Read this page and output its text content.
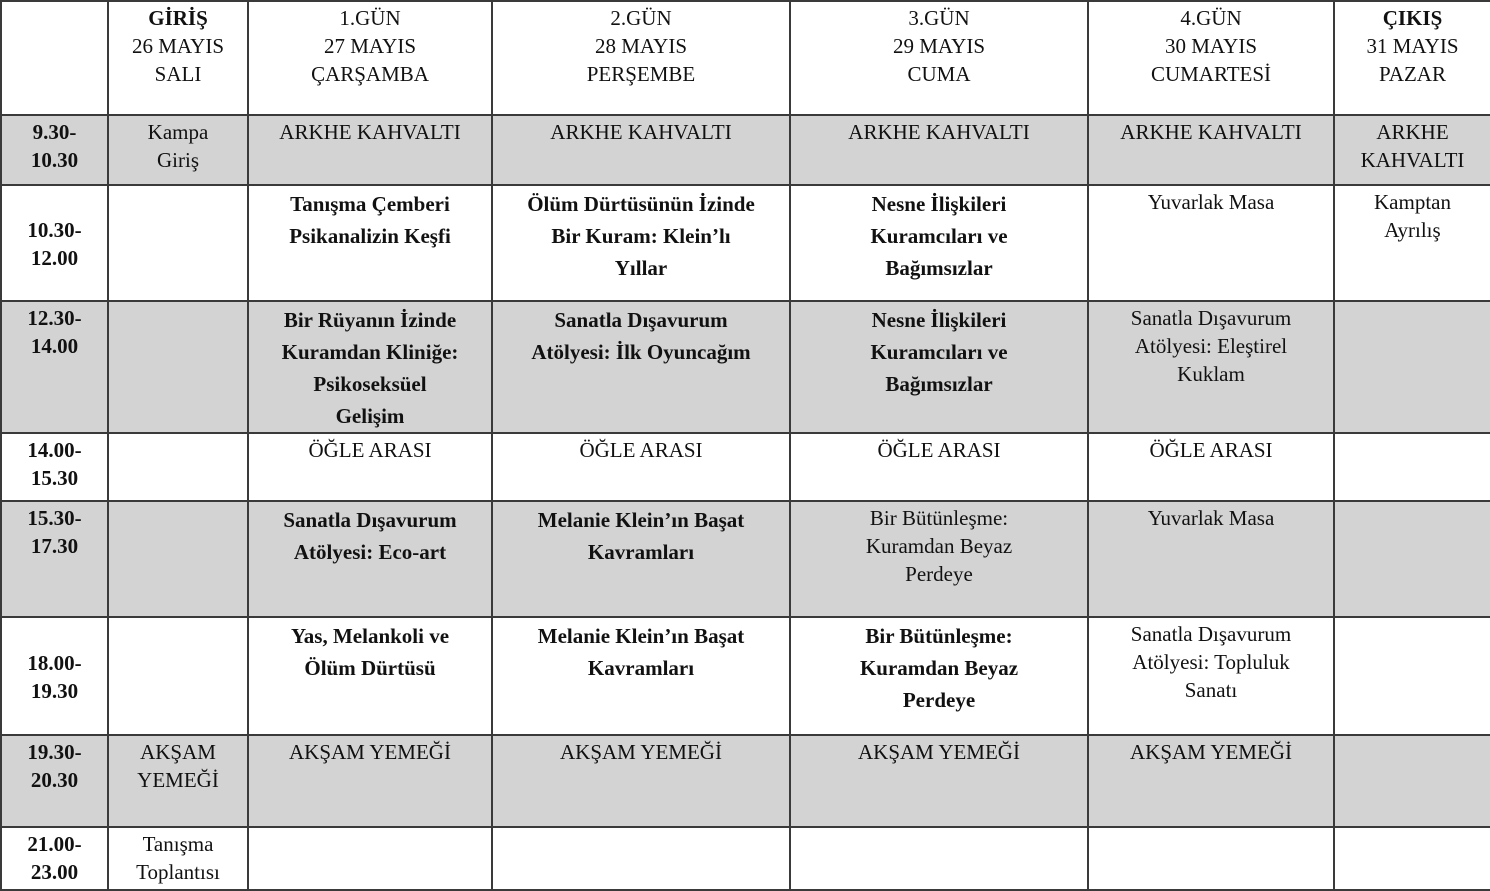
	GİRİŞ
26 MAYIS
SALI	1.GÜN
27 MAYIS
ÇARŞAMBA	2.GÜN
28 MAYIS
PERŞEMBE	3.GÜN
29 MAYIS
CUMA	4.GÜN
30 MAYIS
CUMARTESİ	ÇIKIŞ
31 MAYIS
PAZAR

9.30-
10.30	Kampa
Giriş	ARKHE KAHVALTI	ARKHE KAHVALTI	ARKHE KAHVALTI	ARKHE KAHVALTI	ARKHE
KAHVALTI

10.30-
12.00		Tanışma Çemberi
Psikanalizin Keşfi	Ölüm Dürtüsünün İzinde
Bir Kuram: Klein’lı
Yıllar	Nesne İlişkileri
Kuramcıları ve
Bağımsızlar	Yuvarlak Masa	Kamptan
Ayrılış

12.30-
14.00		Bir Rüyanın İzinde
Kuramdan Kliniğe:
Psikoseksüel
Gelişim	Sanatla Dışavurum
Atölyesi: İlk Oyuncağım	Nesne İlişkileri
Kuramcıları ve
Bağımsızlar	Sanatla Dışavurum
Atölyesi: Eleştirel
Kuklam	

14.00-
15.30		ÖĞLE ARASI	ÖĞLE ARASI	ÖĞLE ARASI	ÖĞLE ARASI	

15.30-
17.30		Sanatla Dışavurum
Atölyesi: Eco-art	Melanie Klein’ın Başat
Kavramları	Bir Bütünleşme:
Kuramdan Beyaz
Perdeye	Yuvarlak Masa	

18.00-
19.30		Yas, Melankoli ve
Ölüm Dürtüsü	Melanie Klein’ın Başat
Kavramları	Bir Bütünleşme:
Kuramdan Beyaz
Perdeye	Sanatla Dışavurum
Atölyesi: Topluluk
Sanatı	

19.30-
20.30	AKŞAM
YEMEĞİ	AKŞAM YEMEĞİ	AKŞAM YEMEĞİ	AKŞAM YEMEĞİ	AKŞAM YEMEĞİ	

21.00-
23.00	Tanışma
Toplantısı					
